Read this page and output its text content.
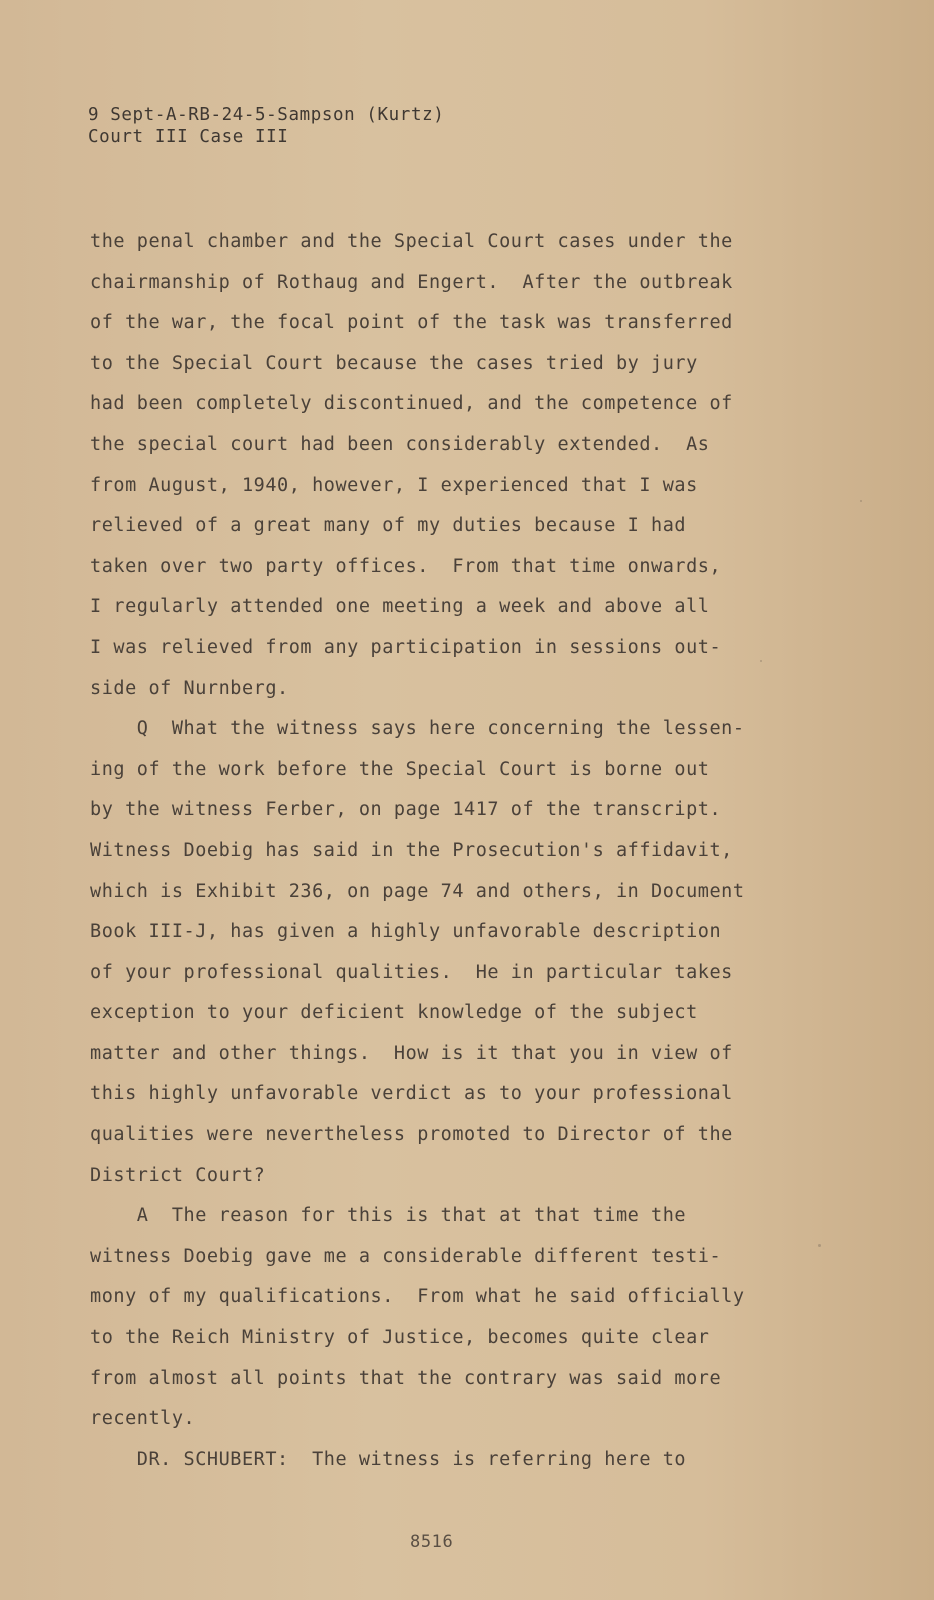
9 Sept-A-RB-24-5-Sampson (Kurtz)
Court III Case III
the penal chamber and the Special Court cases under the
chairmanship of Rothaug and Engert.  After the outbreak
of the war, the focal point of the task was transferred
to the Special Court because the cases tried by jury
had been completely discontinued, and the competence of
the special court had been considerably extended.  As
from August, 1940, however, I experienced that I was
relieved of a great many of my duties because I had
taken over two party offices.  From that time onwards,
I regularly attended one meeting a week and above all
I was relieved from any participation in sessions out-
side of Nurnberg.
Q  What the witness says here concerning the lessen-
ing of the work before the Special Court is borne out
by the witness Ferber, on page 1417 of the transcript.
Witness Doebig has said in the Prosecution's affidavit,
which is Exhibit 236, on page 74 and others, in Document
Book III-J, has given a highly unfavorable description
of your professional qualities.  He in particular takes
exception to your deficient knowledge of the subject
matter and other things.  How is it that you in view of
this highly unfavorable verdict as to your professional
qualities were nevertheless promoted to Director of the
District Court?
A  The reason for this is that at that time the
witness Doebig gave me a considerable different testi-
mony of my qualifications.  From what he said officially
to the Reich Ministry of Justice, becomes quite clear
from almost all points that the contrary was said more
recently.
DR. SCHUBERT:  The witness is referring here to
8516
